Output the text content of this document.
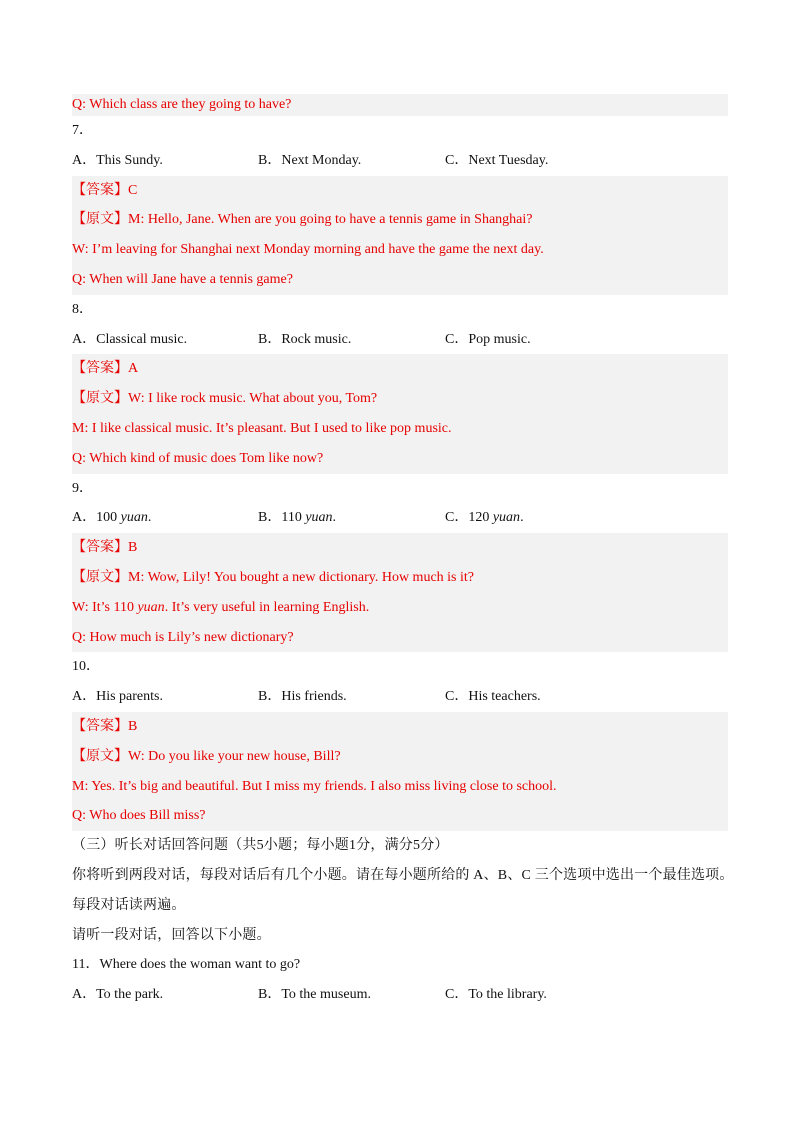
Q: Which class are they going to have?
7．
A．This Sundy.	B．Next Monday.	C．Next Tuesday.
【答案】C
【原文】M: Hello, Jane. When are you going to have a tennis game in Shanghai?
W: I’m leaving for Shanghai next Monday morning and have the game the next day.
Q: When will Jane have a tennis game?
8．
A．Classical music.	B．Rock music.	C．Pop music.
【答案】A
【原文】W: I like rock music. What about you, Tom?
M: I like classical music. It’s pleasant. But I used to like pop music.
Q: Which kind of music does Tom like now?
9．
A．100 yuan.	B．110 yuan.	C．120 yuan.
【答案】B
【原文】M: Wow, Lily! You bought a new dictionary. How much is it?
W: It’s 110 yuan. It’s very useful in learning English.
Q: How much is Lily’s new dictionary?
10．
A．His parents.	B．His friends.	C．His teachers.
【答案】B
【原文】W: Do you like your new house, Bill?
M: Yes. It’s big and beautiful. But I miss my friends. I also miss living close to school.
Q: Who does Bill miss?
（三）听长对话回答问题（共5小题；每小题1分，满分5分）
你将听到两段对话，每段对话后有几个小题。请在每小题所给的 A、B、C 三个选项中选出一个最佳选项。
每段对话读两遍。
请听一段对话，回答以下小题。
11．Where does the woman want to go?
A．To the park.	B．To the museum.	C．To the library.
